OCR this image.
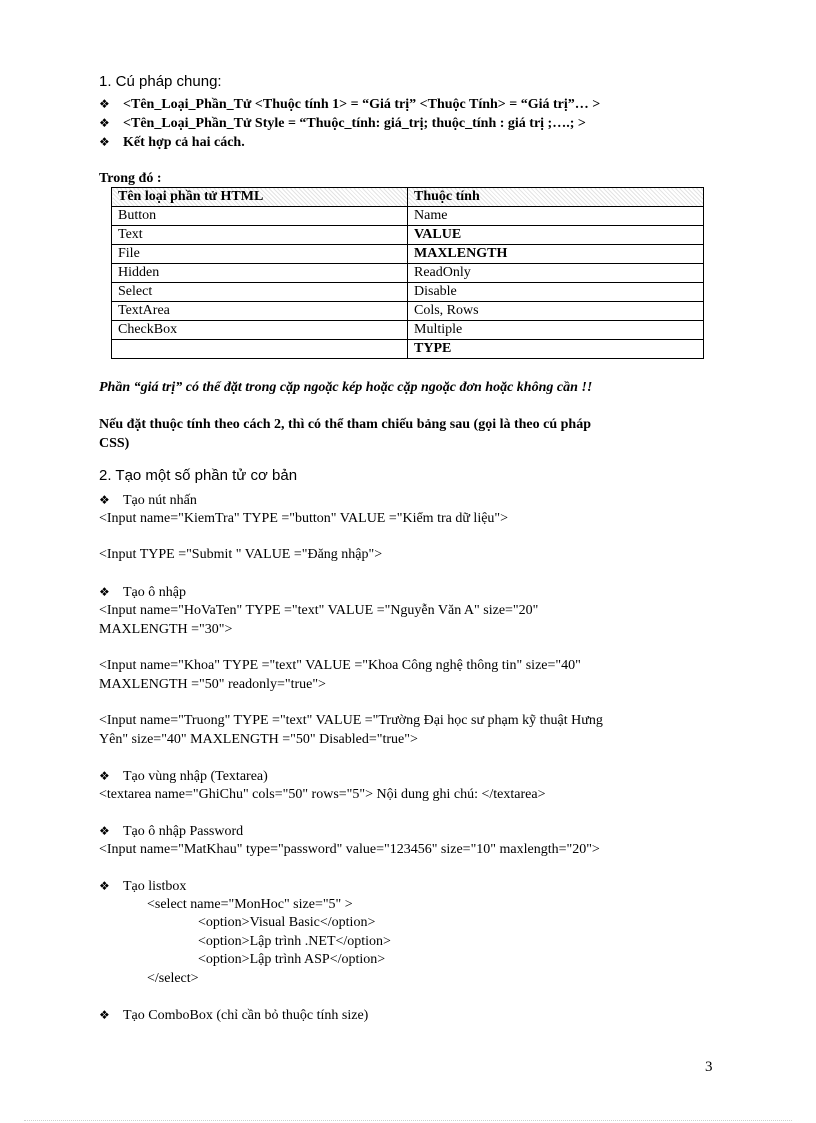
1. Cú pháp chung:
❖ <Tên_Loại_Phần_Tử <Thuộc tính 1> = “Giá trị” <Thuộc Tính> = “Giá trị”… >
❖ <Tên_Loại_Phần_Tử Style = “Thuộc_tính: giá_trị; thuộc_tính : giá trị ;….; >
❖ Kết hợp cả hai cách.
Trong đó :
Tên loại phần tử HTML	Thuộc tính
Button	Name
Text	VALUE
File	MAXLENGTH
Hidden	ReadOnly
Select	Disable
TextArea	Cols, Rows
CheckBox	Multiple
	TYPE
Phần “giá trị” có thể đặt trong cặp ngoặc kép hoặc cặp ngoặc đơn hoặc không cần !!
Nếu đặt thuộc tính theo cách 2, thì có thể tham chiếu bảng sau (gọi là theo cú pháp
CSS)
2. Tạo một số phần tử cơ bản
❖ Tạo nút nhấn
<Input name="KiemTra" TYPE ="button" VALUE ="Kiểm tra dữ liệu">
<Input TYPE ="Submit " VALUE ="Đăng nhập">
❖ Tạo ô nhập
<Input name="HoVaTen" TYPE ="text" VALUE ="Nguyễn Văn A" size="20"
MAXLENGTH ="30">
<Input name="Khoa" TYPE ="text" VALUE ="Khoa Công nghệ thông tin" size="40"
MAXLENGTH ="50" readonly="true">
<Input name="Truong" TYPE ="text" VALUE ="Trường Đại học sư phạm kỹ thuật Hưng
Yên" size="40" MAXLENGTH ="50" Disabled="true">
❖ Tạo vùng nhập (Textarea)
<textarea name="GhiChu" cols="50" rows="5"> Nội dung ghi chú: </textarea>
❖ Tạo ô nhập Password
<Input name="MatKhau" type="password" value="123456" size="10" maxlength="20">
❖ Tạo listbox
<select name="MonHoc" size="5" >
<option>Visual Basic</option>
<option>Lập trình .NET</option>
<option>Lập trình ASP</option>
</select>
❖ Tạo ComboBox (chỉ cần bỏ thuộc tính size)
3
